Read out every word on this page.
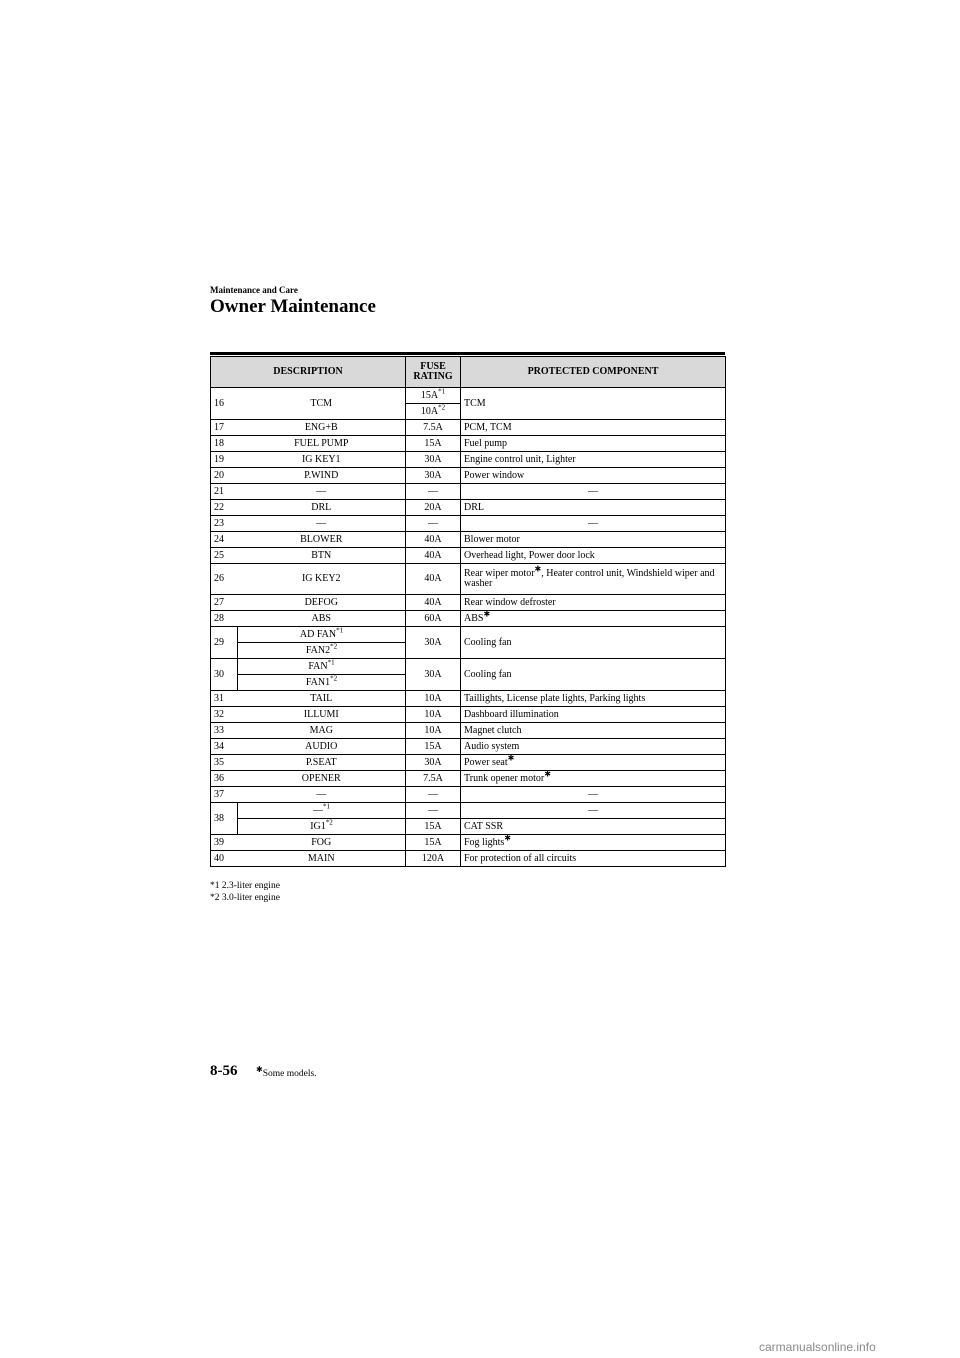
Maintenance and Care
Owner Maintenance
DESCRIPTION		FUSE
RATING	PROTECTED COMPONENT
16	TCM	$15A^{*1}$	TCM
		$10A^{*2}$
17	ENG+B	7.5A	PCM, TCM
18	FUEL PUMP	15A	Fuel pump
19	IG KEY1	30A	Engine control unit, Lighter
20	P.WIND	30A	Power window
21	—	—	—
22	DRL	20A	DRL
23	—	—	—
24	BLOWER	40A	Blower motor
25	BTN	40A	Overhead light, Power door lock
26	IG KEY2	40A	Rear wiper motor✱, Heater control unit, Windshield wiper and washer
27	DEFOG	40A	Rear window defroster
28	ABS	60A	ABS✱
29	AD FAN$^{*1}$	30A	Cooling fan
	FAN2$^{*2}$
30	FAN$^{*1}$	30A	Cooling fan
	FAN1$^{*2}$
31	TAIL	10A	Taillights, License plate lights, Parking lights
32	ILLUMI	10A	Dashboard illumination
33	MAG	10A	Magnet clutch
34	AUDIO	15A	Audio system
35	P.SEAT	30A	Power seat✱
36	OPENER	7.5A	Trunk opener motor✱
37	—	—	—
38	—$^{*1}$	—	—
	IG1$^{*2}$	15A	CAT SSR
39	FOG	15A	Fog lights✱
40	MAIN	120A	For protection of all circuits
*1 2.3-liter engine
*2 3.0-liter engine
8-56 ✱Some models.
carmanualsonline.info
